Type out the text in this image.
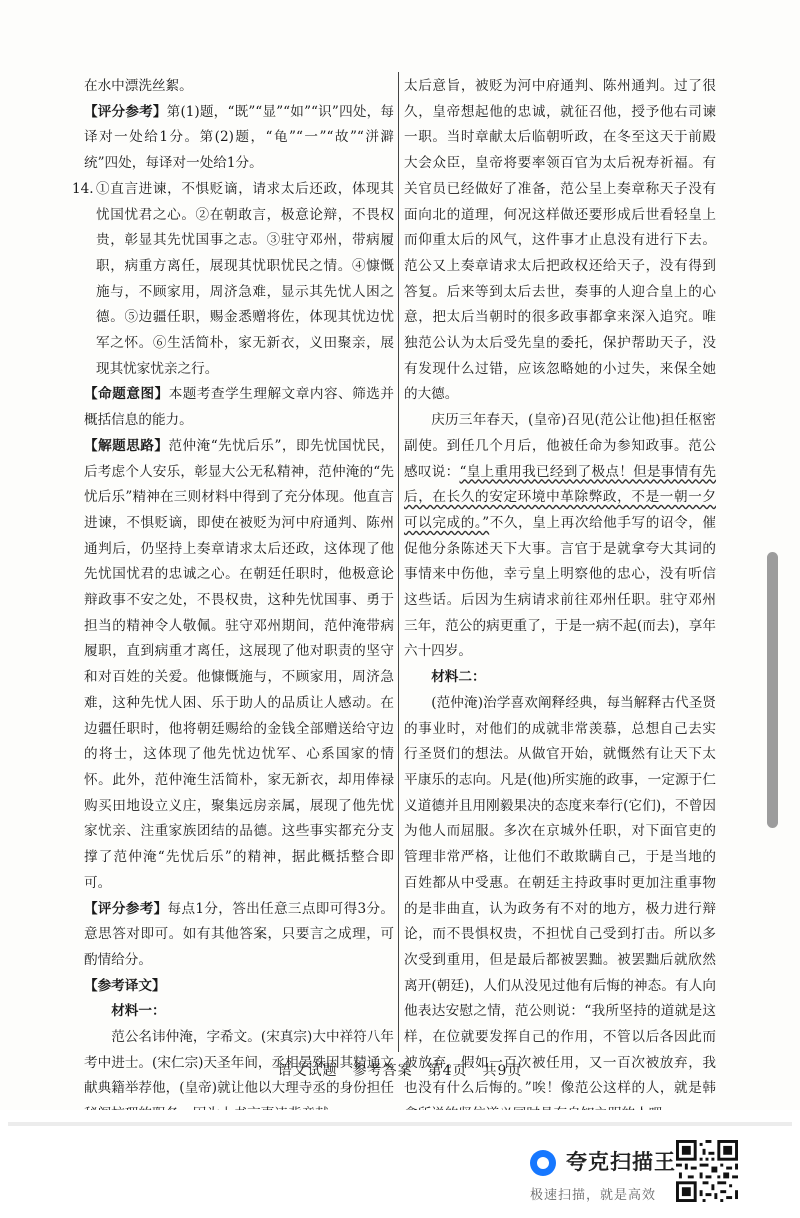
在水中漂洗丝絮。

【评分参考】第(1)题，“既”“显”“如”“识”四处，每译对一处给1分。第(2)题，“龟”“一”“故”“洴澼统”四处，每译对一处给1分。

14. ①直言进谏，不惧贬谪，请求太后还政，体现其忧国忧君之心。②在朝敢言，极意论辩，不畏权贵，彰显其先忧国事之志。③驻守邓州，带病履职，病重方离任，展现其忧职忧民之情。④慷慨施与，不顾家用，周济急难，显示其先忧人困之德。⑤边疆任职，赐金悉赠将佐，体现其忧边忧军之怀。⑥生活简朴，家无新衣，义田聚亲，展现其忧家忧亲之行。

【命题意图】本题考查学生理解文章内容、筛选并概括信息的能力。

【解题思路】范仲淹“先忧后乐”，即先忧国忧民，后考虑个人安乐，彰显大公无私精神，范仲淹的“先忧后乐”精神在三则材料中得到了充分体现。他直言进谏，不惧贬谪，即使在被贬为河中府通判、陈州通判后，仍坚持上奏章请求太后还政，这体现了他先忧国忧君的忠诚之心。在朝廷任职时，他极意论辩政事不安之处，不畏权贵，这种先忧国事、勇于担当的精神令人敬佩。驻守邓州期间，范仲淹带病履职，直到病重才离任，这展现了他对职责的坚守和对百姓的关爱。他慷慨施与，不顾家用，周济急难，这种先忧人困、乐于助人的品质让人感动。在边疆任职时，他将朝廷赐给的金钱全部赠送给守边的将士，这体现了他先忧边忧军、心系国家的情怀。此外，范仲淹生活简朴，家无新衣，却用俸禄购买田地设立义庄，聚集远房亲属，展现了他先忧家忧亲、注重家族团结的品德。这些事实都充分支撑了范仲淹“先忧后乐”的精神，据此概括整合即可。

【评分参考】每点1分，答出任意三点即可得3分。意思答对即可。如有其他答案，只要言之成理，可酌情给分。

【参考译文】

材料一：

范公名讳仲淹，字希文。(宋真宗)大中祥符八年考中进士。(宋仁宗)天圣年间，丞相晏殊因其精通文献典籍举荐他，(皇帝)就让他以大理寺丞的身份担任

太后意旨，被贬为河中府通判、陈州通判。过了很久，皇帝想起他的忠诚，就征召他，授予他右司谏一职。当时章献太后临朝听政，在冬至这天于前殿大会众臣，皇帝将要率领百官为太后祝寿祈福。有关官员已经做好了准备，范公呈上奏章称天子没有面向北的道理，何况这样做还要形成后世看轻皇上而仰重太后的风气，这件事才止息没有进行下去。范公又上奏章请求太后把政权还给天子，没有得到答复。后来等到太后去世，奏事的人迎合皇上的心意，把太后当朝时的很多政事都拿来深入追究。唯独范公认为太后受先皇的委托，保护帮助天子，没有发现什么过错，应该忽略她的小过失，来保全她的大德。

庆历三年春天，(皇帝)召见(范公让他)担任枢密副使。到任几个月后，他被任命为参知政事。范公感叹说：“皇上重用我已经到了极点！但是事情有先后，在长久的安定环境中革除弊政，不是一朝一夕可以完成的。”不久，皇上再次给他手写的诏令，催促他分条陈述天下大事。言官于是就拿夸大其词的事情来中伤他，幸亏皇上明察他的忠心，没有听信这些话。后因为生病请求前往邓州任职。驻守邓州三年，范公的病更重了，于是一病不起(而去)，享年六十四岁。

材料二：

(范仲淹)治学喜欢阐释经典，每当解释古代圣贤的事业时，对他们的成就非常羡慕，总想自己去实行圣贤们的想法。从做官开始，就慨然有让天下太平康乐的志向。凡是(他)所实施的政事，一定源于仁义道德并且用刚毅果决的态度来奉行(它们)，不曾因为他人而屈服。多次在京城外任职，对下面官吏的管理非常严格，让他们不敢欺瞒自己，于是当地的百姓都从中受惠。在朝廷主持政事时更加注重事物的是非曲直，认为政务有不对的地方，极力进行辩论，而不畏惧权贵，不担忧自己受到打击。所以多次受到重用，但是最后都被罢黜。被罢黜后就欣然离开(朝廷)，人们从没见过他有后悔的神态。有人向他表达安慰之情，范公则说：“我所坚持的道就是这样，在位就要发挥自己的作用，不管以后各因此而被放弃。假如一百次被任用，又一百次被放弃，我也没有什么后悔的。”唉！像范公这样的人，就是韩

语文试题　参考答案　第4页　共9页
夸克扫描王
极速扫描，就是高效
